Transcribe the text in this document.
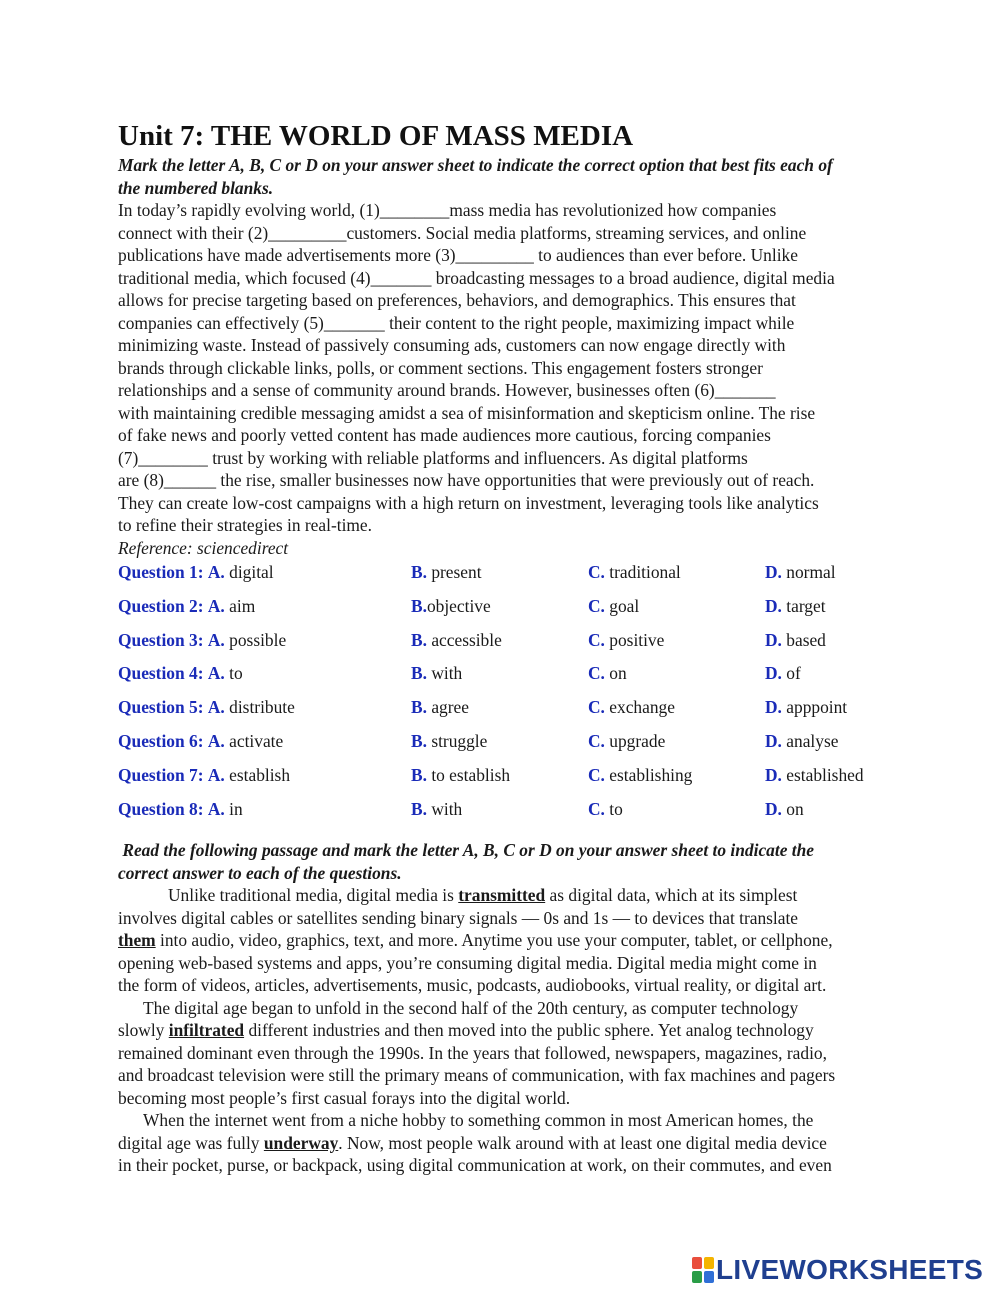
Unit 7: THE WORLD OF MASS MEDIA

Mark the letter A, B, C or D on your answer sheet to indicate the correct option that best fits each of
the numbered blanks.

In today’s rapidly evolving world, (1)________mass media has revolutionized how companies
connect with their (2)_________customers. Social media platforms, streaming services, and online
publications have made advertisements more (3)_________ to audiences than ever before. Unlike
traditional media, which focused (4)_______ broadcasting messages to a broad audience, digital media
allows for precise targeting based on preferences, behaviors, and demographics. This ensures that
companies can effectively (5)_______ their content to the right people, maximizing impact while
minimizing waste. Instead of passively consuming ads, customers can now engage directly with
brands through clickable links, polls, or comment sections. This engagement fosters stronger
relationships and a sense of community around brands. However, businesses often (6)_______
with maintaining credible messaging amidst a sea of misinformation and skepticism online. The rise
of fake news and poorly vetted content has made audiences more cautious, forcing companies
(7)________ trust by working with reliable platforms and influencers. As digital platforms
are (8)______ the rise, smaller businesses now have opportunities that were previously out of reach.
They can create low-cost campaigns with a high return on investment, leveraging tools like analytics
to refine their strategies in real-time.

Reference: sciencedirect

Question 1: A. digital	B. present	C. traditional	D. normal
Question 2: A. aim	B.objective	C. goal	D. target
Question 3: A. possible	B. accessible	C. positive	D. based
Question 4: A. to	B. with	C. on	D. of
Question 5: A. distribute	B. agree	C. exchange	D. apppoint
Question 6: A. activate	B. struggle	C. upgrade	D. analyse
Question 7: A. establish	B. to establish	C. establishing	D. established
Question 8: A. in	B. with	C. to	D. on

Read the following passage and mark the letter A, B, C or D on your answer sheet to indicate the
correct answer to each of the questions.

Unlike traditional media, digital media is transmitted as digital data, which at its simplest
involves digital cables or satellites sending binary signals — 0s and 1s — to devices that translate
them into audio, video, graphics, text, and more. Anytime you use your computer, tablet, or cellphone,
opening web-based systems and apps, you’re consuming digital media. Digital media might come in
the form of videos, articles, advertisements, music, podcasts, audiobooks, virtual reality, or digital art.

The digital age began to unfold in the second half of the 20th century, as computer technology
slowly infiltrated different industries and then moved into the public sphere. Yet analog technology
remained dominant even through the 1990s. In the years that followed, newspapers, magazines, radio,
and broadcast television were still the primary means of communication, with fax machines and pagers
becoming most people’s first casual forays into the digital world.

When the internet went from a niche hobby to something common in most American homes, the
digital age was fully underway. Now, most people walk around with at least one digital media device
in their pocket, purse, or backpack, using digital communication at work, on their commutes, and even

LIVEWORKSHEETS
